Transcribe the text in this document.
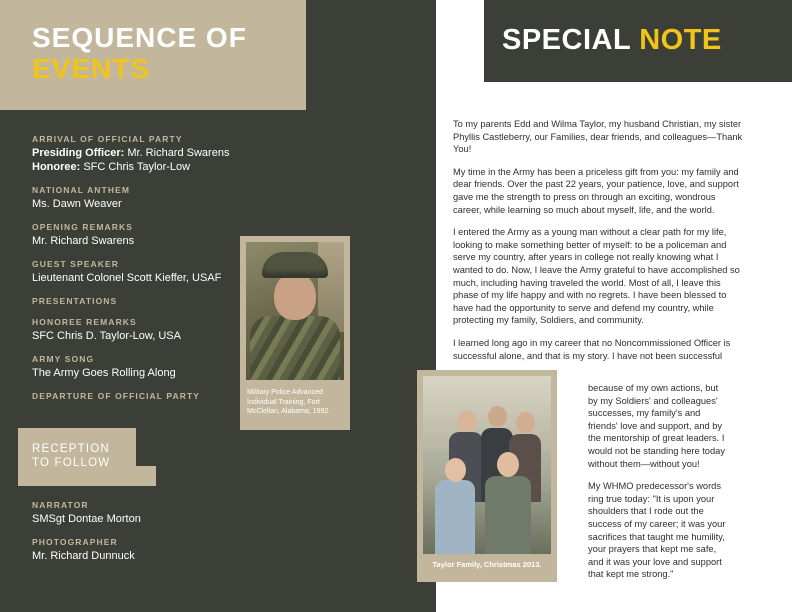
SEQUENCE OF
EVENTS
ARRIVAL OF OFFICIAL PARTY
Presiding Officer: Mr. Richard Swarens
Honoree: SFC Chris Taylor-Low
NATIONAL ANTHEM
Ms. Dawn Weaver
OPENING REMARKS
Mr. Richard Swarens
GUEST SPEAKER
Lieutenant Colonel Scott Kieffer, USAF
PRESENTATIONS
HONOREE REMARKS
SFC Chris D. Taylor-Low, USA
ARMY SONG
The Army Goes Rolling Along
DEPARTURE OF OFFICIAL PARTY
RECEPTION
TO FOLLOW
NARRATOR
SMSgt Dontae Morton
PHOTOGRAPHER
Mr. Richard Dunnuck
Military Police Advanced Individual Training, Fort McClellan, Alabama, 1992.
SPECIAL NOTE

To my parents Edd and Wilma Taylor, my husband Christian, my sister Phyllis Castleberry, our Families, dear friends, and colleagues—Thank You!

My time in the Army has been a priceless gift from you: my family and dear friends. Over the past 22 years, your patience, love, and support gave me the strength to press on through an exciting, wondrous career, while learning so much about myself, life, and the world.

I entered the Army as a young man without a clear path for my life, looking to make something better of myself: to be a policeman and serve my country, after years in college not really knowing what I wanted to do. Now, I leave the Army grateful to have accomplished so much, including having traveled the world. Most of all, I leave this phase of my life happy and with no regrets. I have been blessed to have had the opportunity to serve and defend my country, while protecting my family, Soldiers, and community.

I learned long ago in my career that no Noncommissioned Officer is successful alone, and that is my story. I have not been successful

because of my own actions, but by my Soldiers' and colleagues' successes, my family's and friends' love and support, and by the mentorship of great leaders. I would not be standing here today without them—without you!

My WHMO predecessor's words ring true today: "It is upon your shoulders that I rode out the success of my career; it was your sacrifices that taught me humility, your prayers that kept me safe, and it was your love and support that kept me strong."

Taylor Family, Christmas 2013.
